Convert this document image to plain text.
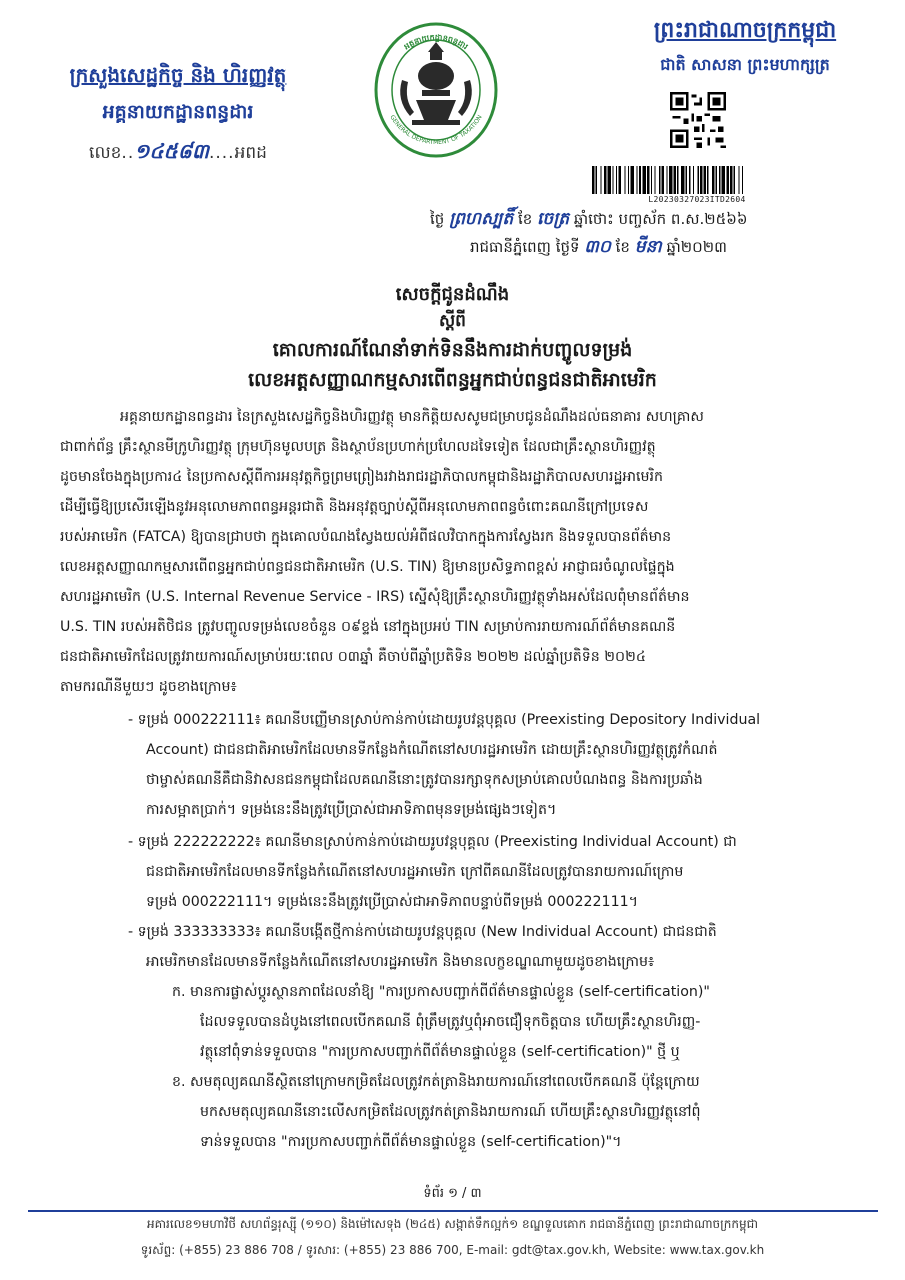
ក្រសួងសេដ្ឋកិច្ច និង ហិរញ្ញវត្ថុ
អគ្គនាយកដ្ឋានពន្ធដារ
លេខ..១៤៥៨៣....អពដ
អគ្គនាយកដ្ឋានពន្ធដារ
GENERAL DEPARTMENT OF TAXATION
ព្រះរាជាណាចក្រកម្ពុជា
ជាតិ សាសនា ព្រះមហាក្សត្រ
L20230327023ITD2604
ថ្ងៃ ព្រហស្បតិ៍ ខែ ចេត្រ ឆ្នាំថោះ បញ្ចស័ក ព.ស.២៥៦៦
រាជធានីភ្នំពេញ ថ្ងៃទី ៣០ ខែ មីនា ឆ្នាំ២០២៣
សេចក្តីជូនដំណឹង
ស្តីពី
គោលការណ៍ណែនាំទាក់ទិននឹងការដាក់បញ្ចូលទម្រង់
លេខអត្តសញ្ញាណកម្មសារពើពន្ធអ្នកជាប់ពន្ធជនជាតិអាមេរិក
អគ្គនាយកដ្ឋានពន្ធដារ នៃក្រសួងសេដ្ឋកិច្ចនិងហិរញ្ញវត្ថុ មានកិត្តិយសសូមជម្រាបជូនដំណឹងដល់ធនាគារ សហគ្រាស
ជាពាក់ព័ន្ធ គ្រឹះស្ថានមីក្រូហិរញ្ញវត្ថុ ក្រុមហ៊ុនមូលបត្រ និងស្ថាប័នប្រហាក់ប្រហែលដទៃទៀត ដែលជាគ្រឹះស្ថានហិរញ្ញវត្ថុ
ដូចមានចែងក្នុងប្រការ៤ នៃប្រកាសស្តីពីការអនុវត្តកិច្ចព្រមព្រៀងរវាងរាជរដ្ឋាភិបាលកម្ពុជានិងរដ្ឋាភិបាលសហរដ្ឋអាមេរិក
ដើម្បីធ្វើឱ្យប្រសើរឡើងនូវអនុលោមភាពពន្ធអន្តរជាតិ និងអនុវត្តច្បាប់ស្តីពីអនុលោមភាពពន្ធចំពោះគណនីក្រៅប្រទេស
របស់អាមេរិក (FATCA) ឱ្យបានជ្រាបថា ក្នុងគោលបំណងស្វែងយល់អំពីផលវិបាកក្នុងការស្វែងរក និងទទួលបានព័ត៌មាន
លេខអត្តសញ្ញាណកម្មសារពើពន្ធអ្នកជាប់ពន្ធជនជាតិអាមេរិក (U.S. TIN) ឱ្យមានប្រសិទ្ធភាពខ្ពស់ អាជ្ញាធរចំណូលផ្ទៃក្នុង
សហរដ្ឋអាមេរិក (U.S. Internal Revenue Service - IRS) ស្នើសុំឱ្យគ្រឹះស្ថានហិរញ្ញវត្ថុទាំងអស់ដែលពុំមានព័ត៌មាន
U.S. TIN របស់អតិថិជន ត្រូវបញ្ចូលទម្រង់លេខចំនួន ០៩ខ្ទង់ នៅក្នុងប្រអប់ TIN សម្រាប់ការរាយការណ៍ព័ត៌មានគណនី
ជនជាតិអាមេរិកដែលត្រូវរាយការណ៍សម្រាប់រយៈពេល ០៣ឆ្នាំ គឺចាប់ពីឆ្នាំប្រតិទិន ២០២២ ដល់ឆ្នាំប្រតិទិន ២០២៤
តាមករណីនីមួយៗ ដូចខាងក្រោម៖
- ទម្រង់ 000222111៖ គណនីបញ្ញើមានស្រាប់កាន់កាប់ដោយរូបវន្តបុគ្គល (Preexisting Depository Individual
Account) ជាជនជាតិអាមេរិកដែលមានទីកន្លែងកំណើតនៅសហរដ្ឋអាមេរិក ដោយគ្រឹះស្ថានហិរញ្ញវត្ថុត្រូវកំណត់
ថាម្ចាស់គណនីគឺជានិវាសនជនកម្ពុជាដែលគណនីនោះត្រូវបានរក្សាទុកសម្រាប់គោលបំណងពន្ធ និងការប្រឆាំង
ការសម្អាតប្រាក់។ ទម្រង់នេះនឹងត្រូវប្រើប្រាស់ជាអាទិភាពមុនទម្រង់ផ្សេងៗទៀត។
- ទម្រង់ 222222222៖ គណនីមានស្រាប់កាន់កាប់ដោយរូបវន្តបុគ្គល (Preexisting Individual Account) ជា
ជនជាតិអាមេរិកដែលមានទីកន្លែងកំណើតនៅសហរដ្ឋអាមេរិក ក្រៅពីគណនីដែលត្រូវបានរាយការណ៍ក្រោម
ទម្រង់ 000222111។ ទម្រង់នេះនឹងត្រូវប្រើប្រាស់ជាអាទិភាពបន្ទាប់ពីទម្រង់ 000222111។
- ទម្រង់ 333333333៖ គណនីបង្កើតថ្មីកាន់កាប់ដោយរូបវន្តបុគ្គល (New Individual Account) ជាជនជាតិ
អាមេរិកមានដែលមានទីកន្លែងកំណើតនៅសហរដ្ឋអាមេរិក និងមានលក្ខខណ្ឌណាមួយដូចខាងក្រោម៖
ក. មានការផ្លាស់ប្តូរស្ថានភាពដែលនាំឱ្យ "ការប្រកាសបញ្ជាក់ពីព័ត៌មានផ្ទាល់ខ្លួន (self-certification)"
ដែលទទួលបានដំបូងនៅពេលបើកគណនី ពុំត្រឹមត្រូវឬពុំអាចជឿទុកចិត្តបាន ហើយគ្រឹះស្ថានហិរញ្ញ-
វត្ថុនៅពុំទាន់ទទួលបាន "ការប្រកាសបញ្ជាក់ពីព័ត៌មានផ្ទាល់ខ្លួន (self-certification)" ថ្មី ឬ
ខ. សមតុល្យគណនីស្ថិតនៅក្រោមកម្រិតដែលត្រូវកត់ត្រានិងរាយការណ៍នៅពេលបើកគណនី ប៉ុន្តែក្រោយ
មកសមតុល្យគណនីនោះលើសកម្រិតដែលត្រូវកត់ត្រានិងរាយការណ៍ ហើយគ្រឹះស្ថានហិរញ្ញវត្ថុនៅពុំ
ទាន់ទទួលបាន "ការប្រកាសបញ្ជាក់ពីព័ត៌មានផ្ទាល់ខ្លួន (self-certification)"។
ទំព័រ ១ / ៣
អគារលេខ១មហាវិថី សហព័ន្ធរុស្ស៊ី (១១០) និងម៉ៅសេទុង (២៤៥) សង្កាត់ទឹកល្អក់១ ខណ្ឌទួលគោក រាជធានីភ្នំពេញ ព្រះរាជាណាចក្រកម្ពុជា
ទូរស័ព្ទ: (+855) 23 886 708 / ទូរសារ: (+855) 23 886 700, E-mail: gdt@tax.gov.kh, Website: www.tax.gov.kh
